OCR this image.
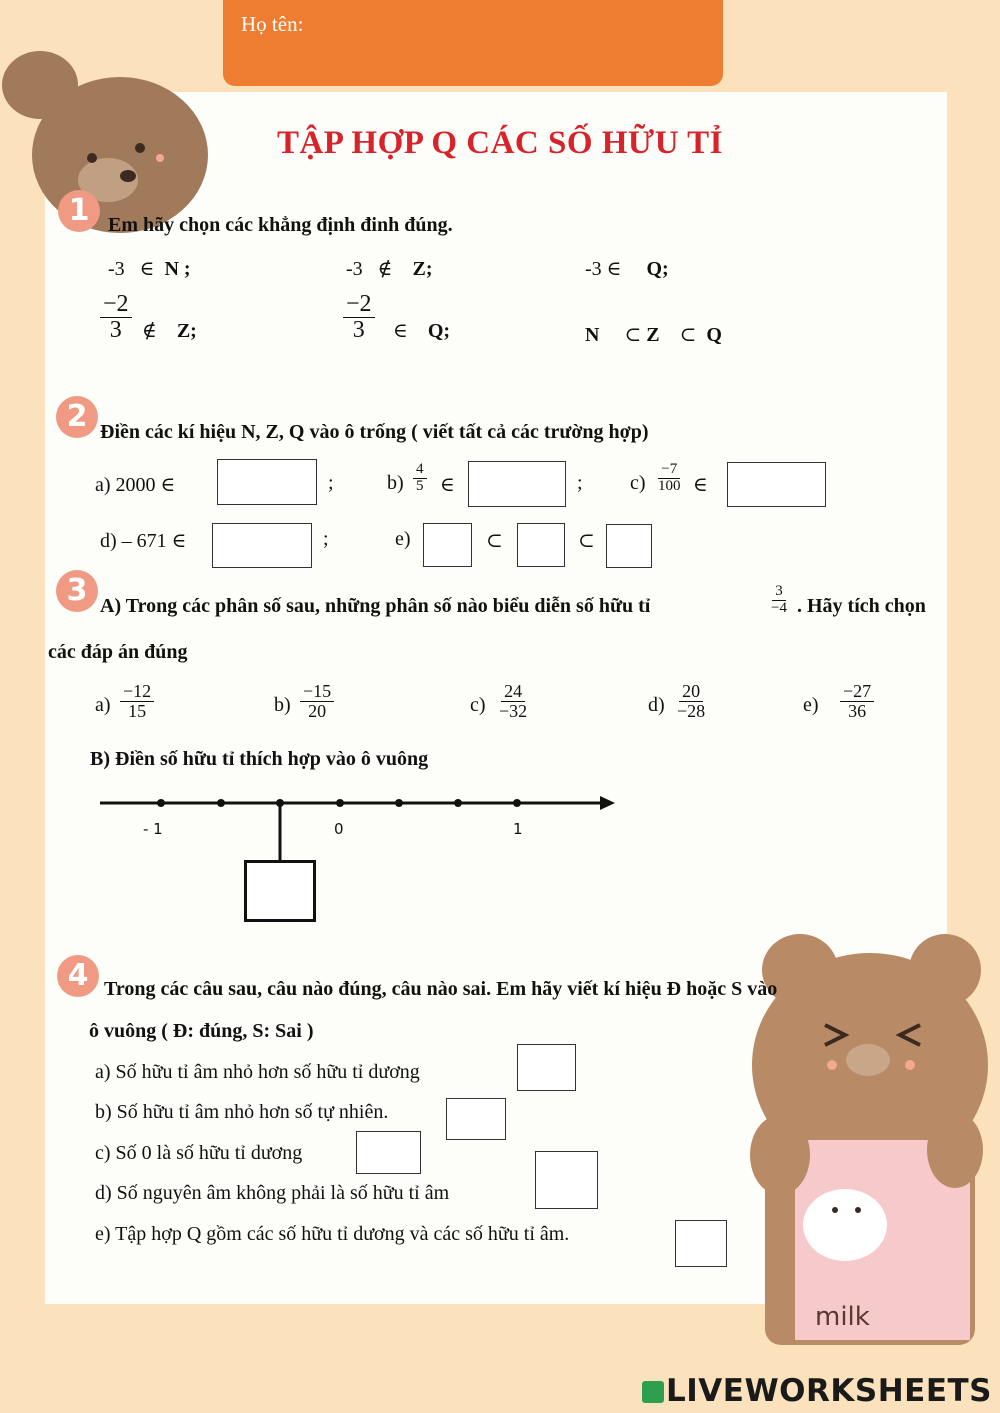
Họ tên:
TẬP HỢP Q CÁC SỐ HỮU TỈ
1 Em hãy chọn các khẳng định đinh đúng.
-3 ∈ N ;	-3 ∉ Z;	-3 ∈ Q;
$\frac{-2}{3}$ ∉ Z;	$\frac{-2}{3}$ ∈ Q;	N ⊂ Z ⊂ Q
2 Điền các kí hiệu N, Z, Q vào ô trống ( viết tất cả các trường hợp)
a) 2000 ∈	;	$b) \frac{4}{5}$ ∈	; $c) \frac{-7}{100}$ ∈
d) – 671 ∈	;	e)	⊂	⊂
3 A) Trong các phân số sau, những phân số nào biểu diễn số hữu tỉ	$\frac{3}{-4}$ . Hãy tích chọn
các đáp án đúng
$a) \frac{-12}{15}$	$b) \frac{-15}{20}$	$c) \frac{24}{-32}$	$d) \frac{20}{-28}$	$e) \frac{-27}{36}$
B) Điền số hữu tỉ thích hợp vào ô vuông
- 1	0	1
milk
4 Trong các câu sau, câu nào đúng, câu nào sai. Em hãy viết kí hiệu Đ hoặc S vào
ô vuông ( Đ: đúng, S: Sai )
a) Số hữu tỉ âm nhỏ hơn số hữu tỉ dương
b) Số hữu tỉ âm nhỏ hơn số tự nhiên.
c) Số 0 là số hữu tỉ dương
d) Số nguyên âm không phải là số hữu tỉ âm
e) Tập hợp Q gồm các số hữu tỉ dương và các số hữu tỉ âm.
LIVEWORKSHEETS
